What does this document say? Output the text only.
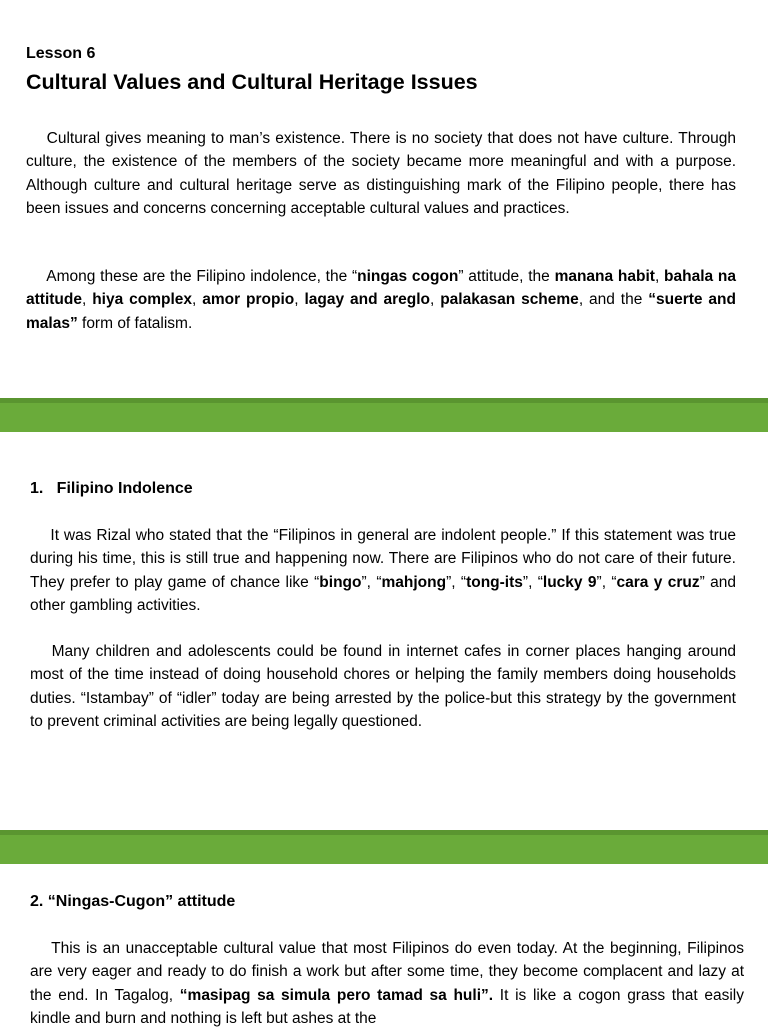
Lesson 6
Cultural Values and Cultural Heritage Issues
  Cultural gives meaning to man’s existence. There is no society that does not have culture. Through culture, the existence of the members of the society became more meaningful and with a purpose. Although culture and cultural heritage serve as distinguishing mark of the Filipino people, there has been issues and concerns concerning acceptable cultural values and practices.
  Among these are the Filipino indolence, the “ningas cogon” attitude, the manana habit, bahala na attitude, hiya complex, amor propio, lagay and areglo, palakasan scheme, and the “suerte and malas” form of fatalism.
1.   Filipino Indolence
  It was Rizal who stated that the “Filipinos in general are indolent people.” If this statement was true during his time, this is still true and happening now. There are Filipinos who do not care of their future. They prefer to play game of chance like “bingo”, “mahjong”, “tong-its”, “lucky 9”, “cara y cruz” and other gambling activities.
  Many children and adolescents could be found in internet cafes in corner places hanging around most of the time instead of doing household chores or helping the family members doing households duties. “Istambay” of “idler” today are being arrested by the police-but this strategy by the government to prevent criminal activities are being legally questioned.
2. “Ningas-Cugon” attitude
  This is an unacceptable cultural value that most Filipinos do even today. At the beginning, Filipinos are very eager and ready to do finish a work but after some time, they become complacent and lazy at the end. In Tagalog, “masipag sa simula pero tamad sa huli”. It is like a cogon grass that easily kindle and burn and nothing is left but ashes at the
